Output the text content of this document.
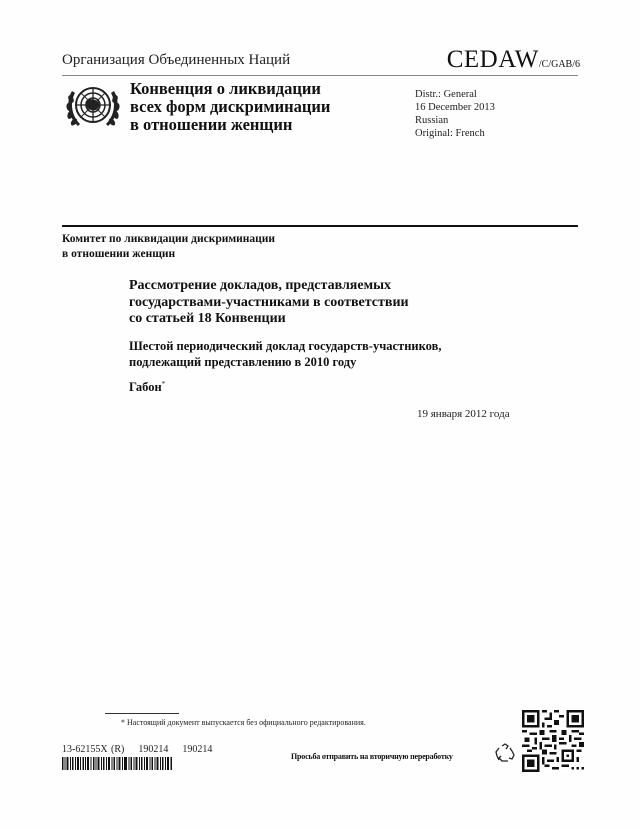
Организация Объединенных Наций	CEDAW/C/GAB/6
Конвенция о ликвидации
всех форм дискриминации
в отношении женщин
Distr.: General
16 December 2013
Russian
Original: French
Комитет по ликвидации дискриминации
в отношении женщин
Рассмотрение докладов, представляемых
государствами-участниками в соответствии
со статьей 18 Конвенции
Шестой периодический доклад государств-участников,
подлежащий представлению в 2010 году
Габон*
19 января 2012 года
* Настоящий документ выпускается без официального редактирования.
13-62155X (R) 190214 190214
Просьба отправить на вторичную переработку
